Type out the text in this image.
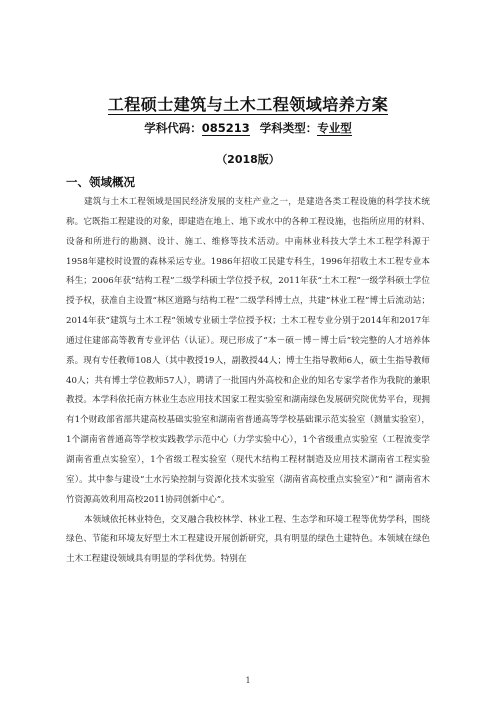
工程硕士建筑与土木工程领域培养方案
学科代码：085213 学科类型：专业型
（2018版）
一、领域概况

建筑与土木工程领域是国民经济发展的支柱产业之一，是建造各类工程设施的科学技术统称。它既指工程建设的对象，即建造在地上、地下或水中的各种工程设施，也指所应用的材料、设备和所进行的勘测、设计、施工、维修等技术活动。中南林业科技大学土木工程学科源于1958年建校时设置的森林采运专业。1986年招收工民建专科生，1996年招收土木工程专业本科生；2006年获“结构工程”二级学科硕士学位授予权，2011年获“土木工程”一级学科硕士学位授予权，获准自主设置“林区道路与结构工程”二级学科博士点，共建“林业工程”博士后流动站；2014年获“建筑与土木工程”领域专业硕士学位授予权；土木工程专业分别于2014年和2017年通过住建部高等教育专业评估（认证）。现已形成了“本－硕－博－博士后”较完整的人才培养体系。现有专任教师108人（其中教授19人，副教授44人；博士生指导教师6人，硕士生指导教师40人；共有博士学位教师57人），聘请了一批国内外高校和企业的知名专家学者作为我院的兼职教授。本学科依托南方林业生态应用技术国家工程实验室和湖南绿色发展研究院优势平台，现拥有1个财政部省部共建高校基础实验室和湖南省普通高等学校基础课示范实验室（测量实验室），1个湖南省普通高等学校实践教学示范中心（力学实验中心），1个省级重点实验室（工程流变学湖南省重点实验室），1个省级工程实验室（现代木结构工程材制造及应用技术湖南省工程实验室）。其中参与建设“土水污染控制与资源化技术实验室（湖南省高校重点实验室）”和“ 湖南省木竹资源高效利用高校2011协同创新中心”。

本领域依托林业特色，交叉融合我校林学、林业工程、生态学和环境工程等优势学科，围绕绿色、节能和环境友好型土木工程建设开展创新研究，具有明显的绿色土建特色。本领域在绿色土木工程建设领域具有明显的学科优势。特别在

1
